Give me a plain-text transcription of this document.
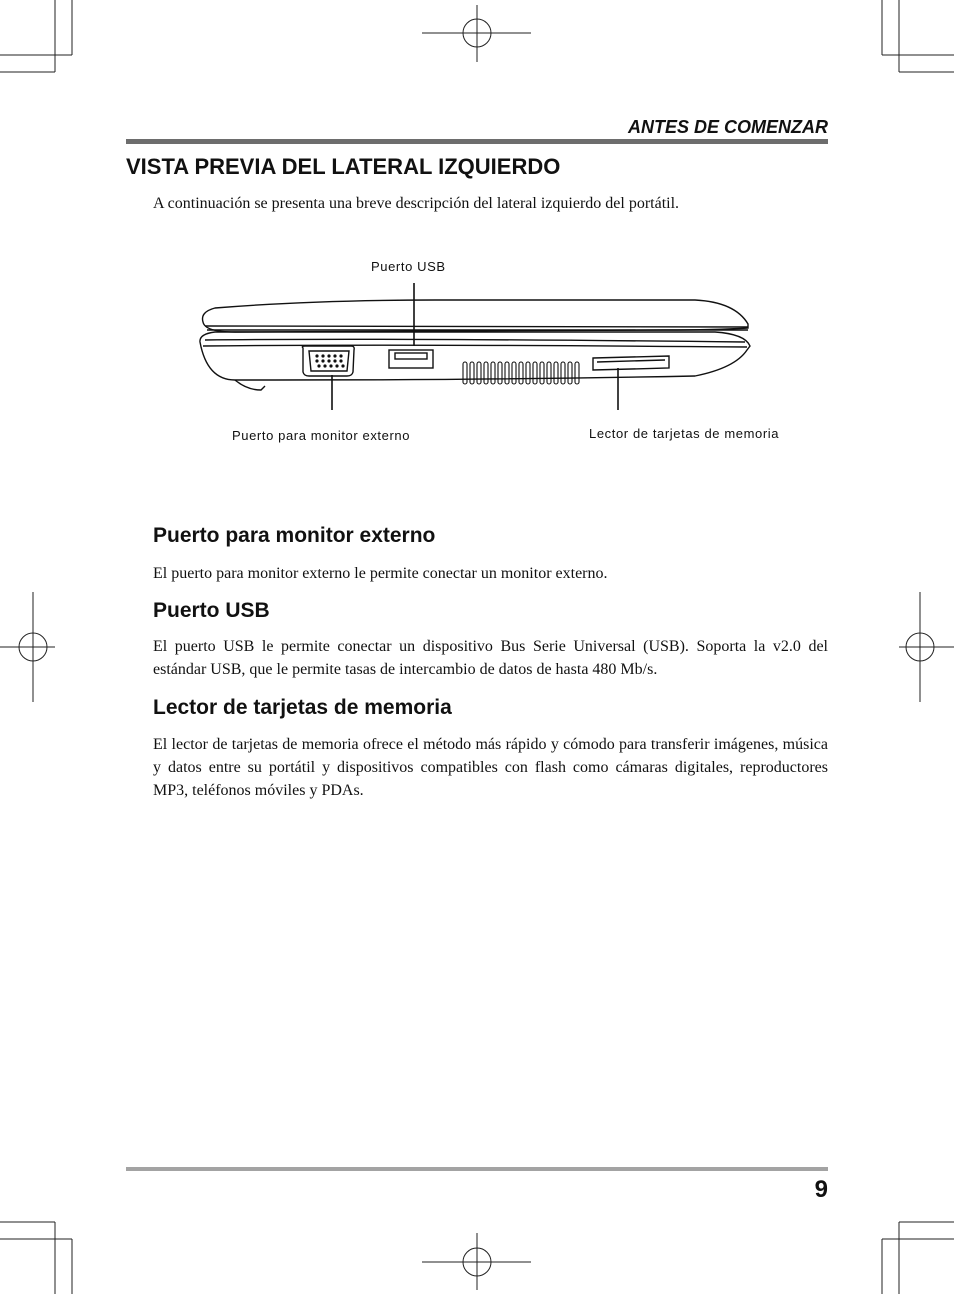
ANTES DE COMENZAR

VISTA PREVIA DEL LATERAL IZQUIERDO

A continuación se presenta una breve descripción del lateral izquierdo del portátil.

Puerto USB

Puerto para monitor externo	Lector de tarjetas de memoria

Puerto para monitor externo

El puerto para monitor externo le permite conectar un monitor externo.

Puerto USB

El puerto USB le permite conectar un dispositivo Bus Serie Universal (USB). Soporta la v2.0 del estándar USB, que le permite tasas de intercambio de datos de hasta 480 Mb/s.

Lector de tarjetas de memoria

El lector de tarjetas de memoria ofrece el método más rápido y cómodo para transferir imágenes, música y datos entre su portátil y dispositivos compatibles con flash como cámaras digitales, reproductores MP3, teléfonos móviles y PDAs.

9
